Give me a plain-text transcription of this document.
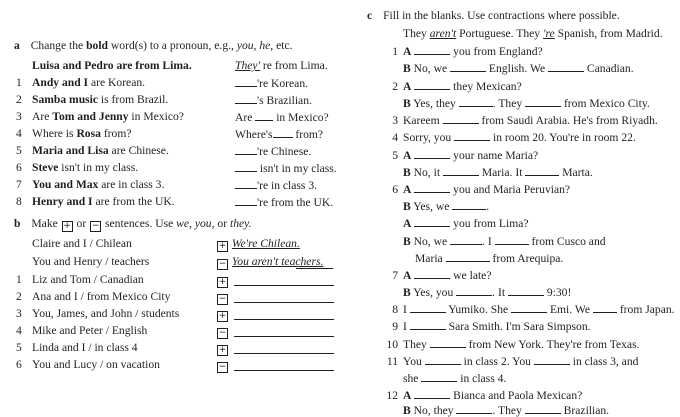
a Change the bold word(s) to a pronoun, e.g., you, he, etc.
Luisa and Pedro are from Lima.	They' re from Lima.
1 Andy and I are Korean.	're Korean.
2 Samba music is from Brazil.	's Brazilian.
3 Are Tom and Jenny in Mexico?	Are  in Mexico?
4 Where is Rosa from?	Where's from?
5 Maria and Lisa are Chinese.	're Chinese.
6 Steve isn't in my class.	isn't in my class.
7 You and Max are in class 3.	're in class 3.
8 Henry and I are from the UK.	're from the UK.
b Make + or − sentences. Use we, you, or they.
Claire and I / Chilean	+ We're Chilean.
You and Henry / teachers	− You aren't teachers.
1 Liz and Tom / Canadian	+
2 Ana and I / from Mexico City	−
3 You, James, and John / students	+
4 Mike and Peter / English	−
5 Linda and I / in class 4	+
6 You and Lucy / on vacation	−
c Fill in the blanks. Use contractions where possible.
They aren't Portuguese. They 're Spanish, from Madrid.
1 A	you from England?
B No, we	English. We	Canadian.
2 A	they Mexican?
B Yes, they	. They	from Mexico City.
3 Kareem	from Saudi Arabia. He's from Riyadh.
4 Sorry, you	in room 20. You're in room 22.
5 A	your name Maria?
B No, it	Maria. It	Marta.
6 A	you and Maria Peruvian?
B Yes, we	.
A	you from Lima?
B No, we	. I	from Cusco and
Maria	from Arequipa.
7 A	we late?
B Yes, you	. It	9:30!
8 I	Yumiko. She	Emi. We  from Japan.
9 I	Sara Smith. I'm Sara Simpson.
10 They	from New York. They're from Texas.
11 You	in class 2. You	in class 3, and
she	in class 4.
12 A	Bianca and Paola Mexican?
B No, they	. They	Brazilian.
